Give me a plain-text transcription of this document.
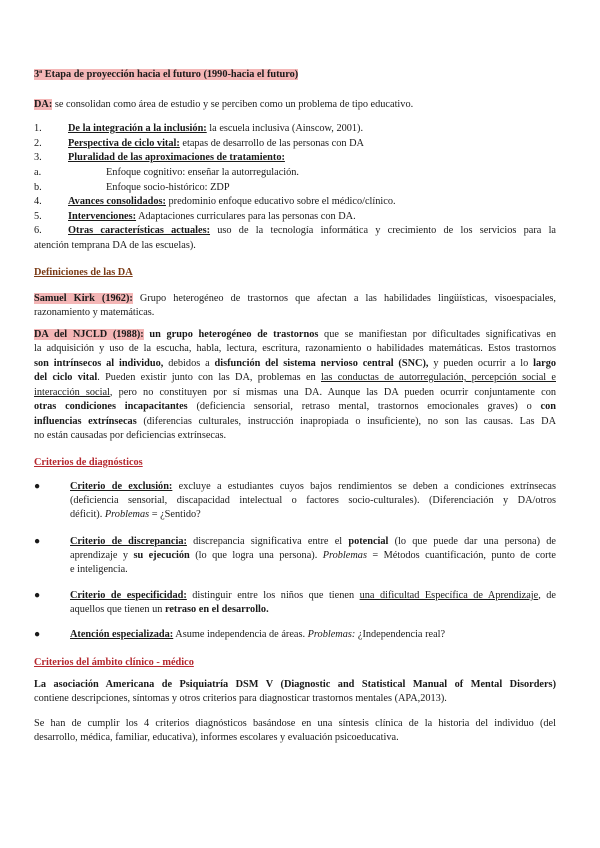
3ª Etapa de proyección hacia el futuro (1990-hacia el futuro)
DA: se consolidan como área de estudio y se perciben como un problema de tipo educativo.
1.	De la integración a la inclusión: la escuela inclusiva (Ainscow, 2001).
2.	Perspectiva de ciclo vital: etapas de desarrollo de las personas con DA
3.	Pluralidad de las aproximaciones de tratamiento:
a.	Enfoque cognitivo: enseñar la autorregulación.
b.	Enfoque socio-histórico: ZDP
4.	Avances consolidados: predominio enfoque educativo sobre el médico/clínico.
5.	Intervenciones: Adaptaciones curriculares para las personas con DA.
6.	Otras características actuales: uso de la tecnología informática y crecimiento de los servicios para la
atención temprana DA de las escuelas).
Definiciones de las DA
Samuel Kirk (1962): Grupo heterogéneo de trastornos que afectan a las habilidades lingüísticas, visoespaciales,
razonamiento y matemáticas.
DA del NJCLD (1988): un grupo heterogéneo de trastornos que se manifiestan por dificultades significativas en
la adquisición y uso de la escucha, habla, lectura, escritura, razonamiento o habilidades matemáticas. Estos trastornos
son intrínsecos al individuo, debidos a disfunción del sistema nervioso central (SNC), y pueden ocurrir a lo largo
del ciclo vital. Pueden existir junto con las DA, problemas en las conductas de autorregulación, percepción social e
interacción social, pero no constituyen por sí mismas una DA. Aunque las DA pueden ocurrir conjuntamente con
otras condiciones incapacitantes (deficiencia sensorial, retraso mental, trastornos emocionales graves) o con
influencias extrínsecas (diferencias culturales, instrucción inapropiada o insuficiente), no son las causas. Las DA
no están causadas por deficiencias extrínsecas.
Criterios de diagnósticos
●	Criterio de exclusión: excluye a estudiantes cuyos bajos rendimientos se deben a condiciones extrínsecas
(deficiencia sensorial, discapacidad intelectual o factores socio-culturales). (Diferenciación y DA/otros
déficit). Problemas = ¿Sentido?
●	Criterio de discrepancia: discrepancia significativa entre el potencial (lo que puede dar una persona) de
aprendizaje y su ejecución (lo que logra una persona). Problemas = Métodos cuantificación, punto de corte
e inteligencia.
●	Criterio de especificidad: distinguir entre los niños que tienen una dificultad Específica de Aprendizaje, de
aquellos que tienen un retraso en el desarrollo.
●	Atención especializada: Asume independencia de áreas. Problemas: ¿Independencia real?
Criterios del ámbito clínico - médico
La asociación Americana de Psiquiatría DSM V (Diagnostic and Statistical Manual of Mental Disorders)
contiene descripciones, síntomas y otros criterios para diagnosticar trastornos mentales (APA,2013).
Se han de cumplir los 4 criterios diagnósticos basándose en una síntesis clínica de la historia del individuo (del
desarrollo, médica, familiar, educativa), informes escolares y evaluación psicoeducativa.
